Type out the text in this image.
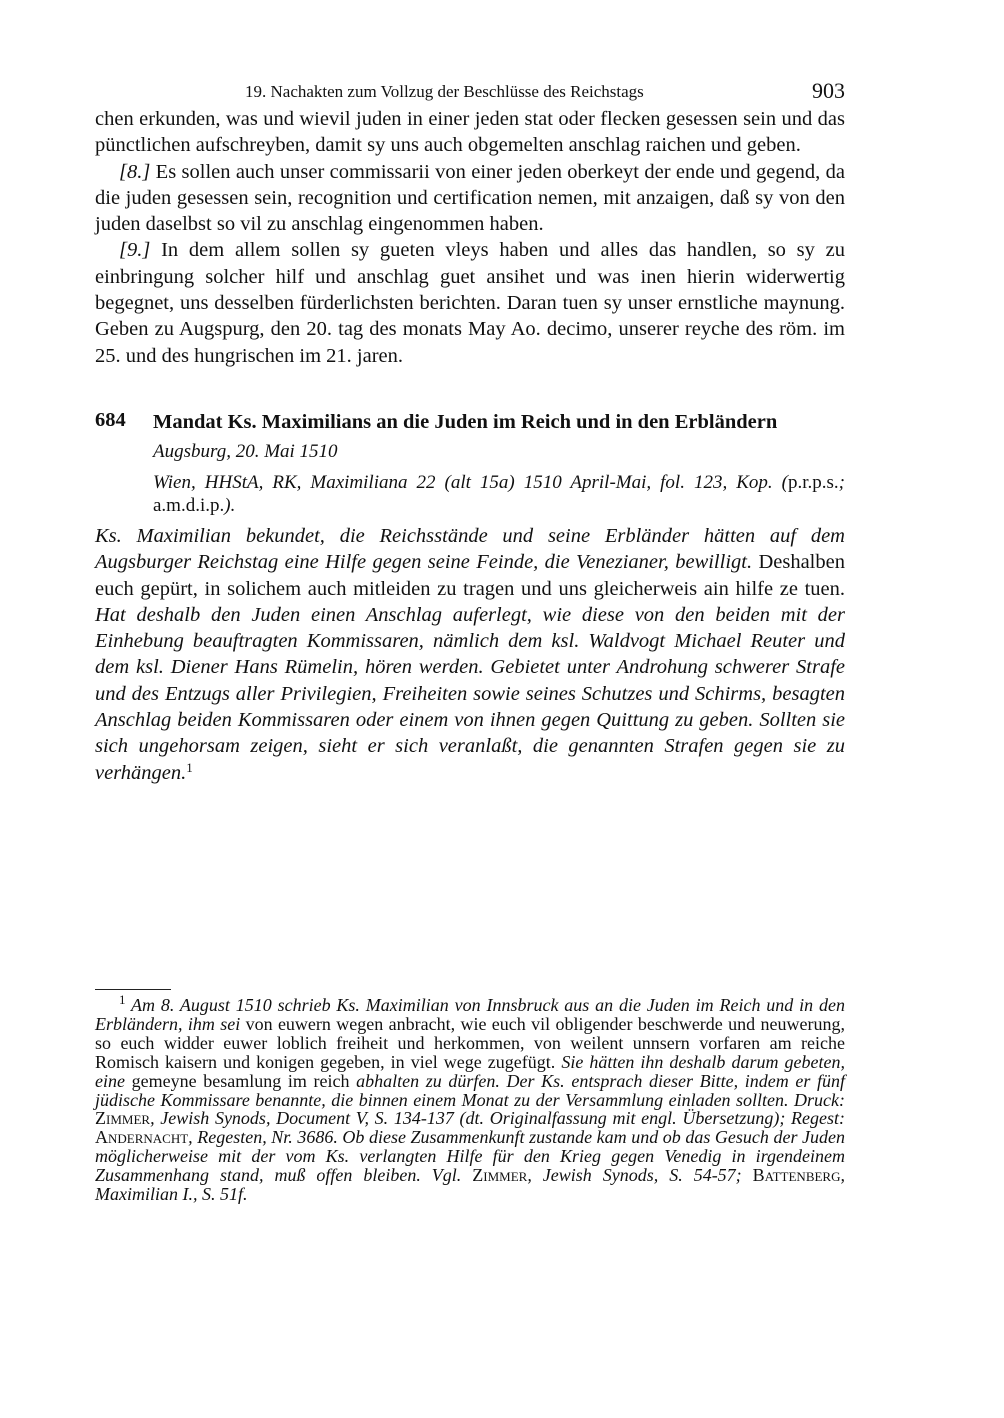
19. Nachakten zum Vollzug der Beschlüsse des Reichstags	903

chen erkunden, was und wievil juden in einer jeden stat oder flecken gesessen sein und das pünctlichen aufschreyben, damit sy uns auch obgemelten anschlag raichen und geben.

[8.] Es sollen auch unser commissarii von einer jeden oberkeyt der ende und gegend, da die juden gesessen sein, recognition und certification nemen, mit anzaigen, daß sy von den juden daselbst so vil zu anschlag eingenommen haben.

[9.] In dem allem sollen sy gueten vleys haben und alles das handlen, so sy zu einbringung solcher hilf und anschlag guet ansihet und was inen hierin widerwertig begegnet, uns desselben fürderlichsten berichten. Daran tuen sy unser ernstliche maynung. Geben zu Augspurg, den 20. tag des monats May Ao. decimo, unserer reyche des röm. im 25. und des hungrischen im 21. jaren.

684 Mandat Ks. Maximilians an die Juden im Reich und in den Erbländern
Augsburg, 20. Mai 1510
Wien, HHStA, RK, Maximiliana 22 (alt 15a) 1510 April-Mai, fol. 123, Kop. (p.r.p.s.; a.m.d.i.p.).

Ks. Maximilian bekundet, die Reichsstände und seine Erbländer hätten auf dem Augsburger Reichstag eine Hilfe gegen seine Feinde, die Venezianer, bewilligt. Deshalben euch gepürt, in solichem auch mitleiden zu tragen und uns gleicherweis ain hilfe ze tuen. Hat deshalb den Juden einen Anschlag auferlegt, wie diese von den beiden mit der Einhebung beauftragten Kommissaren, nämlich dem ksl. Waldvogt Michael Reuter und dem ksl. Diener Hans Rümelin, hören werden. Gebietet unter Androhung schwerer Strafe und des Entzugs aller Privilegien, Freiheiten sowie seines Schutzes und Schirms, besagten Anschlag beiden Kommissaren oder einem von ihnen gegen Quittung zu geben. Sollten sie sich ungehorsam zeigen, sieht er sich veranlaßt, die genannten Strafen gegen sie zu verhängen.$^1$

$^1$ Am 8. August 1510 schrieb Ks. Maximilian von Innsbruck aus an die Juden im Reich und in den Erbländern, ihm sei von euwern wegen anbracht, wie euch vil obligender beschwerde und neuwerung, so euch widder euwer loblich freiheit und herkommen, von weilent unnsern vorfaren am reiche Romisch kaisern und konigen gegeben, in viel wege zugefügt. Sie hätten ihn deshalb darum gebeten, eine gemeyne besamlung im reich abhalten zu dürfen. Der Ks. entsprach dieser Bitte, indem er fünf jüdische Kommissare benannte, die binnen einem Monat zu der Versammlung einladen sollten. Druck: Zimmer, Jewish Synods, Document V, S. 134-137 (dt. Originalfassung mit engl. Übersetzung); Regest: Andernacht, Regesten, Nr. 3686. Ob diese Zusammenkunft zustande kam und ob das Gesuch der Juden möglicherweise mit der vom Ks. verlangten Hilfe für den Krieg gegen Venedig in irgendeinem Zusammenhang stand, muß offen bleiben. Vgl. Zimmer, Jewish Synods, S. 54-57; Battenberg, Maximilian I., S. 51f.
